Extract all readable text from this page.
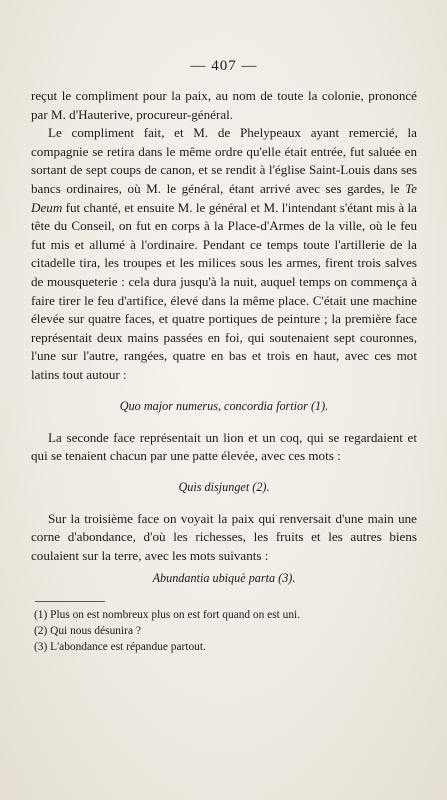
— 407 —

reçut le compliment pour la paix, au nom de toute la colonie, prononcé par M. d'Hauterive, procureur-général.

Le compliment fait, et M. de Phelypeaux ayant remercié, la compagnie se retira dans le même ordre qu'elle était entrée, fut saluée en sortant de sept coups de canon, et se rendit à l'église Saint-Louis dans ses bancs ordinaires, où M. le général, étant arrivé avec ses gardes, le Te Deum fut chanté, et ensuite M. le général et M. l'intendant s'étant mis à la tête du Conseil, on fut en corps à la Place-d'Armes de la ville, où le feu fut mis et allumé à l'ordinaire. Pendant ce temps toute l'artillerie de la citadelle tira, les troupes et les milices sous les armes, firent trois salves de mousqueterie : cela dura jusqu'à la nuit, auquel temps on commença à faire tirer le feu d'artifice, élevé dans la même place. C'était une machine élevée sur quatre faces, et quatre portiques de peinture ; la première face représentait deux mains passées en foi, qui soutenaient sept couronnes, l'une sur l'autre, rangées, quatre en bas et trois en haut, avec ces mot latins tout autour :

Quo major numerus, concordia fortior (1).

La seconde face représentait un lion et un coq, qui se regardaient et qui se tenaient chacun par une patte élevée, avec ces mots :

Quis disjunget (2).

Sur la troisième face on voyait la paix qui renversait d'une main une corne d'abondance, d'où les richesses, les fruits et les autres biens coulaient sur la terre, avec les mots suivants :

Abundantia ubiquè parta (3).

(1) Plus on est nombreux plus on est fort quand on est uni.

(2) Qui nous désunira ?

(3) L'abondance est répandue partout.
